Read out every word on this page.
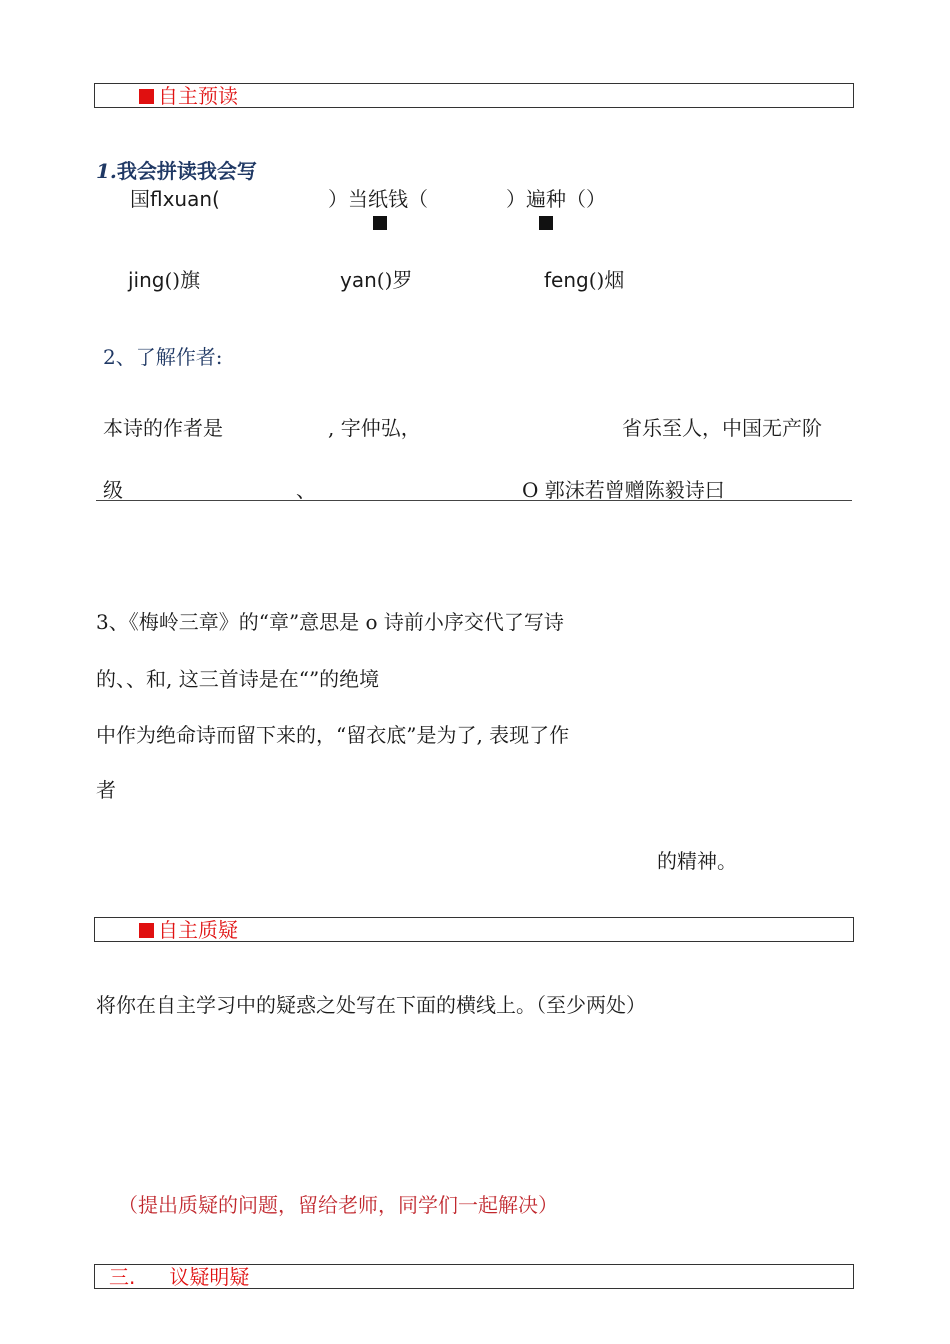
自主预读
1.我会拼读我会写
国flxuan(	）当纸钱（	）遍种（）
jing()旗	yan()罗	feng()烟
2、了解作者:
本诗的作者是	, 字仲弘，	省乐至人，中国无产阶
级	、	O 郭沫若曾赠陈毅诗曰
3、《梅岭三章》的“章”意思是 o 诗前小序交代了写诗
的、、和, 这三首诗是在“”的绝境
中作为绝命诗而留下来的，“留衣底”是为了, 表现了作
者
的精神。
自主质疑
将你在自主学习中的疑惑之处写在下面的横线上。（至少两处）
（提出质疑的问题，留给老师，同学们一起解决）
三. 议疑明疑
